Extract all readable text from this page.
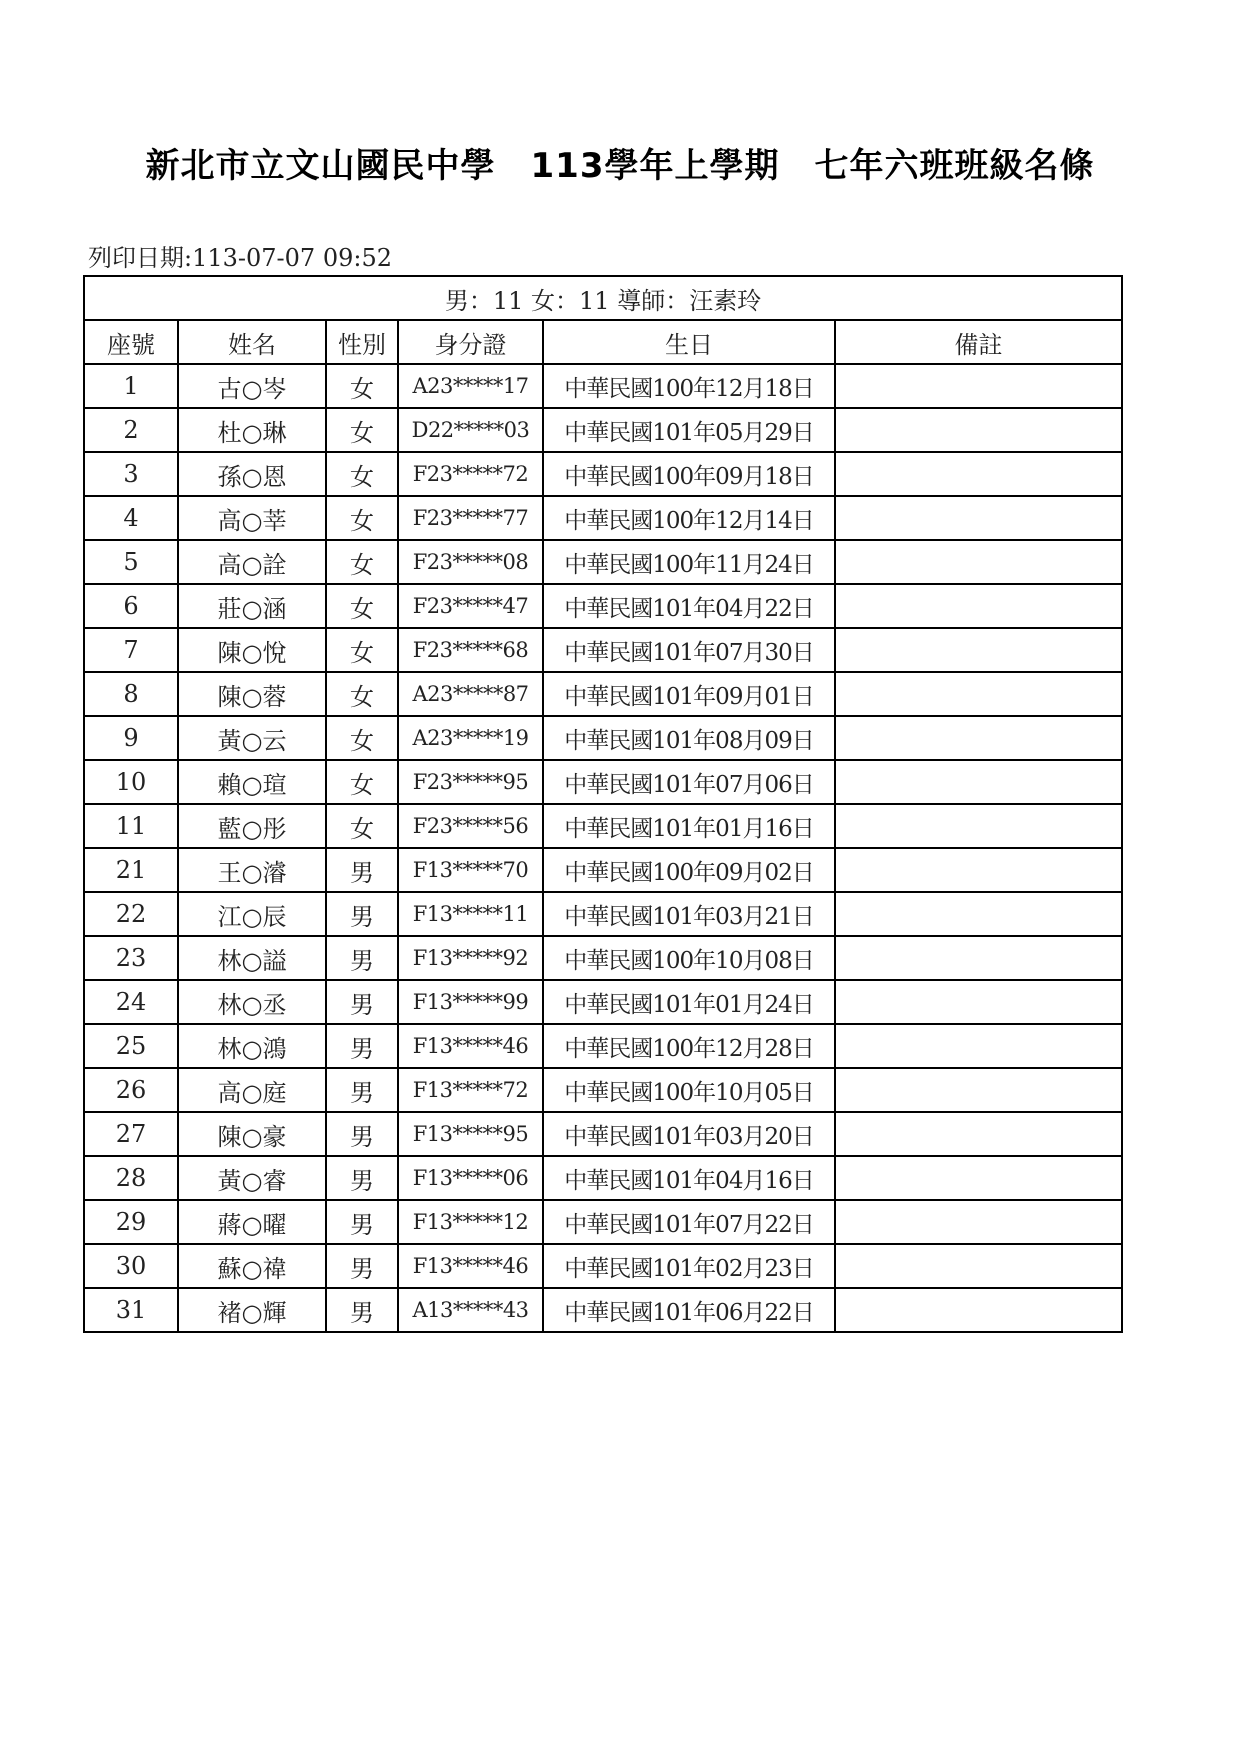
新北市立文山國民中學　113學年上學期　七年六班班級名條
列印日期:113-07-07 09:52
男：11 女：11 導師：汪素玲					
座號	姓名	性別	身分證	生日	備註
1	古○岑	女	A23*****17	中華民國100年12月18日	
2	杜○琳	女	D22*****03	中華民國101年05月29日	
3	孫○恩	女	F23*****72	中華民國100年09月18日	
4	高○莘	女	F23*****77	中華民國100年12月14日	
5	高○詮	女	F23*****08	中華民國100年11月24日	
6	莊○涵	女	F23*****47	中華民國101年04月22日	
7	陳○悅	女	F23*****68	中華民國101年07月30日	
8	陳○蓉	女	A23*****87	中華民國101年09月01日	
9	黃○云	女	A23*****19	中華民國101年08月09日	
10	賴○瑄	女	F23*****95	中華民國101年07月06日	
11	藍○彤	女	F23*****56	中華民國101年01月16日	
21	王○濬	男	F13*****70	中華民國100年09月02日	
22	江○辰	男	F13*****11	中華民國101年03月21日	
23	林○謚	男	F13*****92	中華民國100年10月08日	
24	林○丞	男	F13*****99	中華民國101年01月24日	
25	林○鴻	男	F13*****46	中華民國100年12月28日	
26	高○庭	男	F13*****72	中華民國100年10月05日	
27	陳○豪	男	F13*****95	中華民國101年03月20日	
28	黃○睿	男	F13*****06	中華民國101年04月16日	
29	蔣○曜	男	F13*****12	中華民國101年07月22日	
30	蘇○禕	男	F13*****46	中華民國101年02月23日	
31	褚○輝	男	A13*****43	中華民國101年06月22日	
